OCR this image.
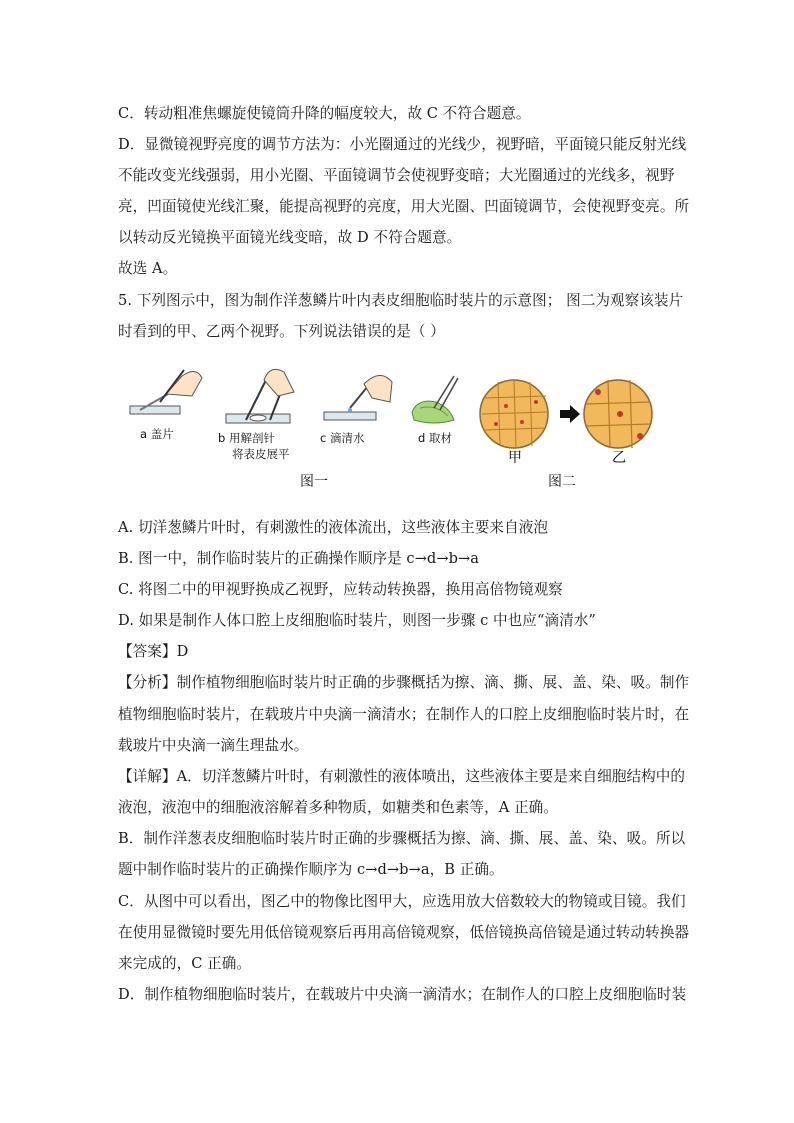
C．转动粗准焦螺旋使镜筒升降的幅度较大，故 C 不符合题意。
D．显微镜视野亮度的调节方法为：小光圈通过的光线少，视野暗，平面镜只能反射光线
不能改变光线强弱，用小光圈、平面镜调节会使视野变暗；大光圈通过的光线多，视野
亮，凹面镜使光线汇聚，能提高视野的亮度，用大光圈、凹面镜调节，会使视野变亮。所
以转动反光镜换平面镜光线变暗，故 D 不符合题意。
故选 A。
5. 下列图示中，图为制作洋葱鳞片叶内表皮细胞临时装片的示意图； 图二为观察该装片
时看到的甲、乙两个视野。下列说法错误的是（ ）
a 盖片	b 用解剖针
将表皮展平
c 滴清水	d 取材
甲	乙
图一	图二
A. 切洋葱鳞片叶时，有刺激性的液体流出，这些液体主要来自液泡
B. 图一中，制作临时装片的正确操作顺序是 c→d→b→a
C. 将图二中的甲视野换成乙视野，应转动转换器，换用高倍物镜观察
D. 如果是制作人体口腔上皮细胞临时装片，则图一步骤 c 中也应“滴清水”
【答案】D
【分析】制作植物细胞临时装片时正确的步骤概括为擦、滴、撕、展、盖、染、吸。制作
植物细胞临时装片，在载玻片中央滴一滴清水；在制作人的口腔上皮细胞临时装片时，在
载玻片中央滴一滴生理盐水。
【详解】A．切洋葱鳞片叶时，有刺激性的液体喷出，这些液体主要是来自细胞结构中的
液泡，液泡中的细胞液溶解着多种物质，如糖类和色素等，A 正确。
B．制作洋葱表皮细胞临时装片时正确的步骤概括为擦、滴、撕、展、盖、染、吸。所以
题中制作临时装片的正确操作顺序为 c→d→b→a，B 正确。
C．从图中可以看出，图乙中的物像比图甲大，应选用放大倍数较大的物镜或目镜。我们
在使用显微镜时要先用低倍镜观察后再用高倍镜观察，低倍镜换高倍镜是通过转动转换器
来完成的，C 正确。
D．制作植物细胞临时装片，在载玻片中央滴一滴清水；在制作人的口腔上皮细胞临时装
